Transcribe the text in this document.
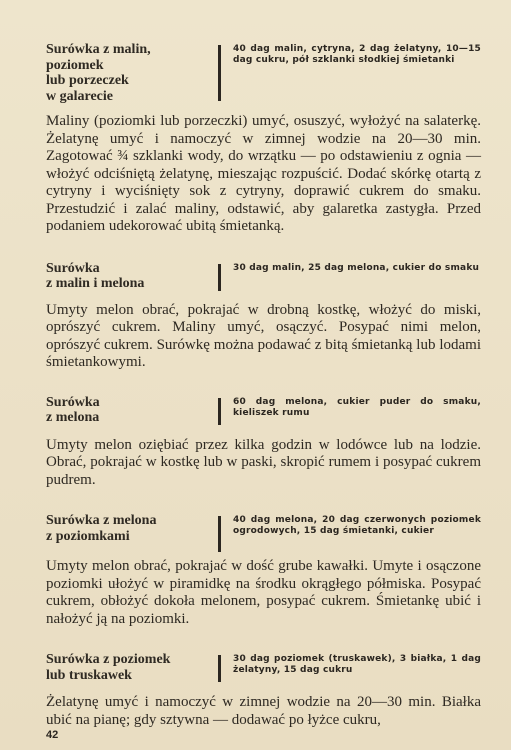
Surówka z malin,
poziomek
lub porzeczek
w galarecie
40 dag malin, cytryna, 2 dag żelatyny, 10—15 dag cukru, pół szklanki słodkiej śmietanki

Maliny (poziomki lub porzeczki) umyć, osuszyć, wyłożyć na salaterkę. Żelatynę umyć i namoczyć w zimnej wodzie na 20—30 min. Zagotować ¾ szklanki wody, do wrzątku — po odstawieniu z ognia — włożyć odciśniętą żelatynę, mieszając rozpuścić. Dodać skórkę otartą z cytryny i wyciśnięty sok z cytryny, doprawić cukrem do smaku. Przestudzić i zalać maliny, odstawić, aby galaretka zastygła. Przed podaniem udekorować ubitą śmietanką.

Surówka
z malin i melona
30 dag malin, 25 dag melona, cukier do smaku

Umyty melon obrać, pokrajać w drobną kostkę, włożyć do miski, oprószyć cukrem. Maliny umyć, osączyć. Posypać nimi melon, oprószyć cukrem. Surówkę można podawać z bitą śmietanką lub lodami śmietankowymi.

Surówka
z melona
60 dag melona, cukier puder do smaku, kieliszek rumu

Umyty melon oziębiać przez kilka godzin w lodówce lub na lodzie. Obrać, pokrajać w kostkę lub w paski, skropić rumem i posypać cukrem pudrem.

Surówka z melona
z poziomkami
40 dag melona, 20 dag czerwonych poziomek ogrodowych, 15 dag śmietanki, cukier

Umyty melon obrać, pokrajać w dość grube kawałki. Umyte i osączone poziomki ułożyć w piramidkę na środku okrągłego półmiska. Posypać cukrem, obłożyć dokoła melonem, posypać cukrem. Śmietankę ubić i nałożyć ją na poziomki.

Surówka z poziomek
lub truskawek
30 dag poziomek (truskawek), 3 białka, 1 dag żelatyny, 15 dag cukru

Żelatynę umyć i namoczyć w zimnej wodzie na 20—30 min. Białka ubić na pianę; gdy sztywna — dodawać po łyżce cukru,

42
